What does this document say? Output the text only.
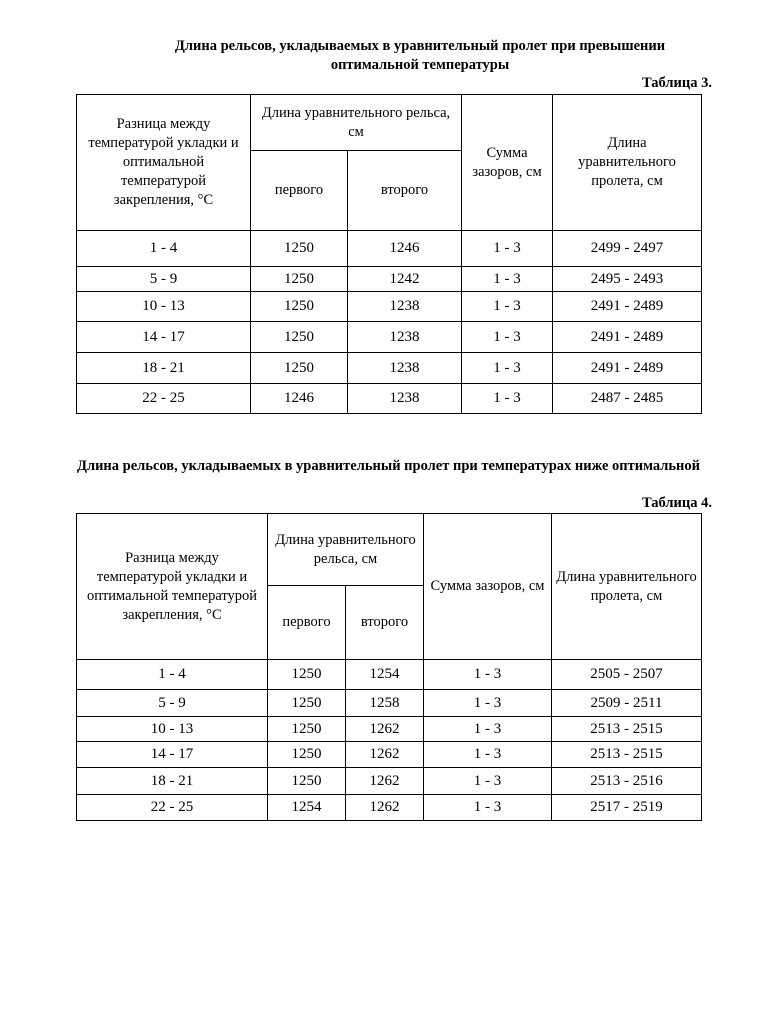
Длина рельсов, укладываемых в уравнительный пролет при превышении оптимальной температуры
Таблица 3.
Разница между температурой укладки и оптимальной температурой закрепления, °С	Длина уравнительного рельса, см		Сумма зазоров, см	Длина уравнительного пролета, см
	первого	второго		
1 - 4	1250	1246	1 - 3	2499 - 2497
5 - 9	1250	1242	1 - 3	2495 - 2493
10 - 13	1250	1238	1 - 3	2491 - 2489
14 - 17	1250	1238	1 - 3	2491 - 2489
18 - 21	1250	1238	1 - 3	2491 - 2489
22 - 25	1246	1238	1 - 3	2487 - 2485
Длина рельсов, укладываемых в уравнительный пролет при температурах ниже оптимальной
Таблица 4.
Разница между температурой укладки и оптимальной температурой закрепления, °С	Длина уравнительного рельса, см		Сумма зазоров, см	Длина уравнительного пролета, см
	первого	второго		
1 - 4	1250	1254	1 - 3	2505 - 2507
5 - 9	1250	1258	1 - 3	2509 - 2511
10 - 13	1250	1262	1 - 3	2513 - 2515
14 - 17	1250	1262	1 - 3	2513 - 2515
18 - 21	1250	1262	1 - 3	2513 - 2516
22 - 25	1254	1262	1 - 3	2517 - 2519
